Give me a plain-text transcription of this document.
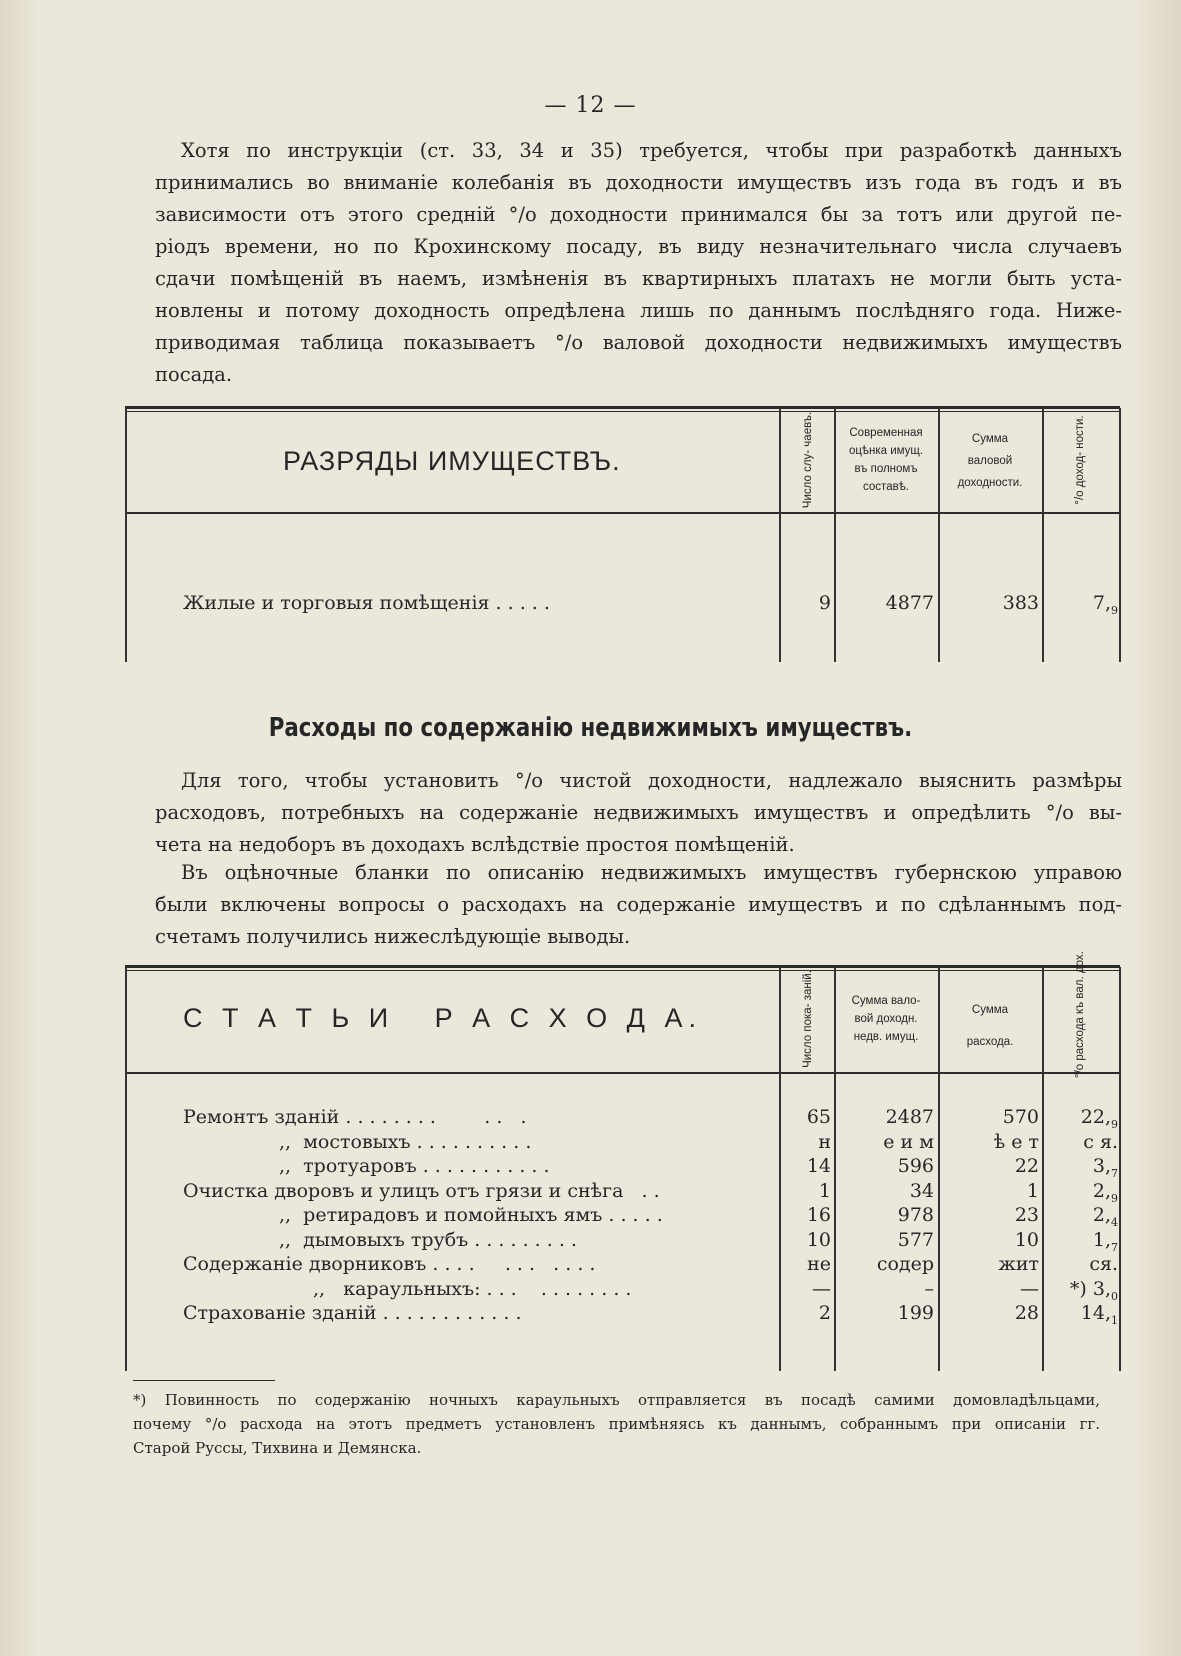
— 12 —
Хотя по инструкціи (ст. 33, 34 и 35) требуется, чтобы при разработкѣ данныхъ
принимались во вниманіе колебанія въ доходности имуществъ изъ года въ годъ и въ
зависимости отъ этого средній °/о доходности принимался бы за тотъ или другой пе-
ріодъ времени, но по Крохинскому посаду, въ виду незначительнаго числа случаевъ
сдачи помѣщеній въ наемъ, измѣненія въ квартирныхъ платахъ не могли быть уста-
новлены и потому доходность опредѣлена лишь по даннымъ послѣдняго года. Ниже-
приводимая таблица показываетъ °/о валовой доходности недвижимыхъ имуществъ
посада.
РАЗРЯДЫ ИМУЩЕСТВЪ.	Число слу- чаевъ.	Современная
оцѣнка имущ.
въ полномъ
составѣ.
Сумма
валовой
доходности.	°/о доход- ности.
Жилые и торговыя помѣщенія . . . . .	9	4877	383	$7,_9$
Расходы по содержанію недвижимыхъ имуществъ.
Для того, чтобы установить °/о чистой доходности, надлежало выяснить размѣры
расходовъ, потребныхъ на содержаніе недвижимыхъ имуществъ и опредѣлить °/о вы-
чета на недоборъ въ доходахъ вслѣдствіе простоя помѣщеній.
Въ оцѣночные бланки по описанію недвижимыхъ имуществъ губернскою управою
были включены вопросы о расходахъ на содержаніе имуществъ и по сдѣланнымъ под-
счетамъ получились нижеслѣдующіе выводы.
С Т А Т Ь И   Р А С Х О Д А.	Число пока- заній.	Сумма вало-
вой доходн.
недв. имущ.
Сумма
расхода.	°/о расхода къ вал. дох.
Ремонтъ зданій . . . . . . . .        . .   .	65	2487	570	$22,_9$
,,  мостовыхъ . . . . . . . . . .	н	е и м	ѣ е т	с я.
,,  тротуаровъ . . . . . . . . . . .	14	596	22	$3,_7$
Очистка дворовъ и улицъ отъ грязи и снѣга   . .	1	34	1	$2,_9$
,,  ретирадовъ и помойныхъ ямъ . . . . .	16	978	23	$2,_4$
,,  дымовыхъ трубъ . . . . . . . . .	10	577	10	$1,_7$
Содержаніе дворниковъ . . . .     . . .   . . . .	не	содер	жит	ся.
,,   караульныхъ: . . .    . . . . . . . .	—	–	—	*) $3,_0$
Страхованіе зданій . . . . . . . . . . . .	2	199	28	$14,_1$
*) Повинность по содержанію ночныхъ караульныхъ отправляется въ посадѣ самими домовладѣльцами,
почему °/о расхода на этотъ предметъ установленъ примѣняясь къ даннымъ, собраннымъ при описаніи гг.
Старой Руссы, Тихвина и Демянска.
